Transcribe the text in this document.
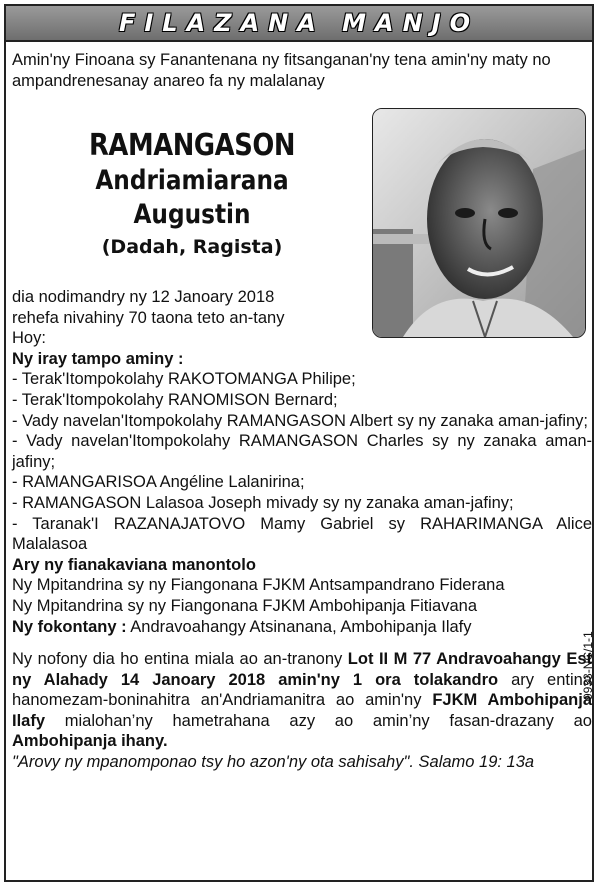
FILAZANA MANJO
Amin'ny Finoana sy Fanantenana ny fitsanganan'ny tena amin'ny maty no ampandrenesanay anareo fa ny malalanay
RAMANGASON
Andriamiarana
Augustin
(Dadah, Ragista)

dia nodimandry ny 12 Janoary 2018

rehefa nivahiny 70 taona teto an-tany

Hoy:

Ny iray tampo aminy :

- Terak'Itompokolahy RAKOTOMANGA Philipe;

- Terak'Itompokolahy RANOMISON Bernard;

- Vady navelan'Itompokolahy RAMANGASON Albert sy ny zanaka aman-jafiny;

- Vady navelan'Itompokolahy RAMANGASON Charles sy ny zanaka aman-jafiny;

- RAMANGARISOA Angéline Lalanirina;

- RAMANGASON Lalasoa Joseph mivady sy ny zanaka aman-jafiny;

- Taranak'I RAZANAJATOVO Mamy Gabriel sy RAHARIMANGA Alice Malalasoa

Ary ny fianakaviana manontolo

Ny Mpitandrina sy ny Fiangonana FJKM Antsampandrano Fiderana

Ny Mpitandrina sy ny Fiangonana FJKM Ambohipanja Fitiavana

Ny fokontany : Andravoahangy Atsinanana, Ambohipanja Ilafy

Ny nofony dia ho entina miala ao an-tranony Lot II M 77 Andravoahangy Est ny Alahady 14 Janoary 2018 amin'ny 1 ora tolakandro ary entina hanomezam-boninahitra an'Andriamanitra ao amin'ny FJKM Ambohipanja Ilafy mialohan’ny hametrahana azy ao amin’ny fasan-drazany ao Ambohipanja ihany.

"Arovy ny mpanomponao tsy ho azon'ny ota sahisahy". Salamo 19: 13a

9933-NC/1-1
